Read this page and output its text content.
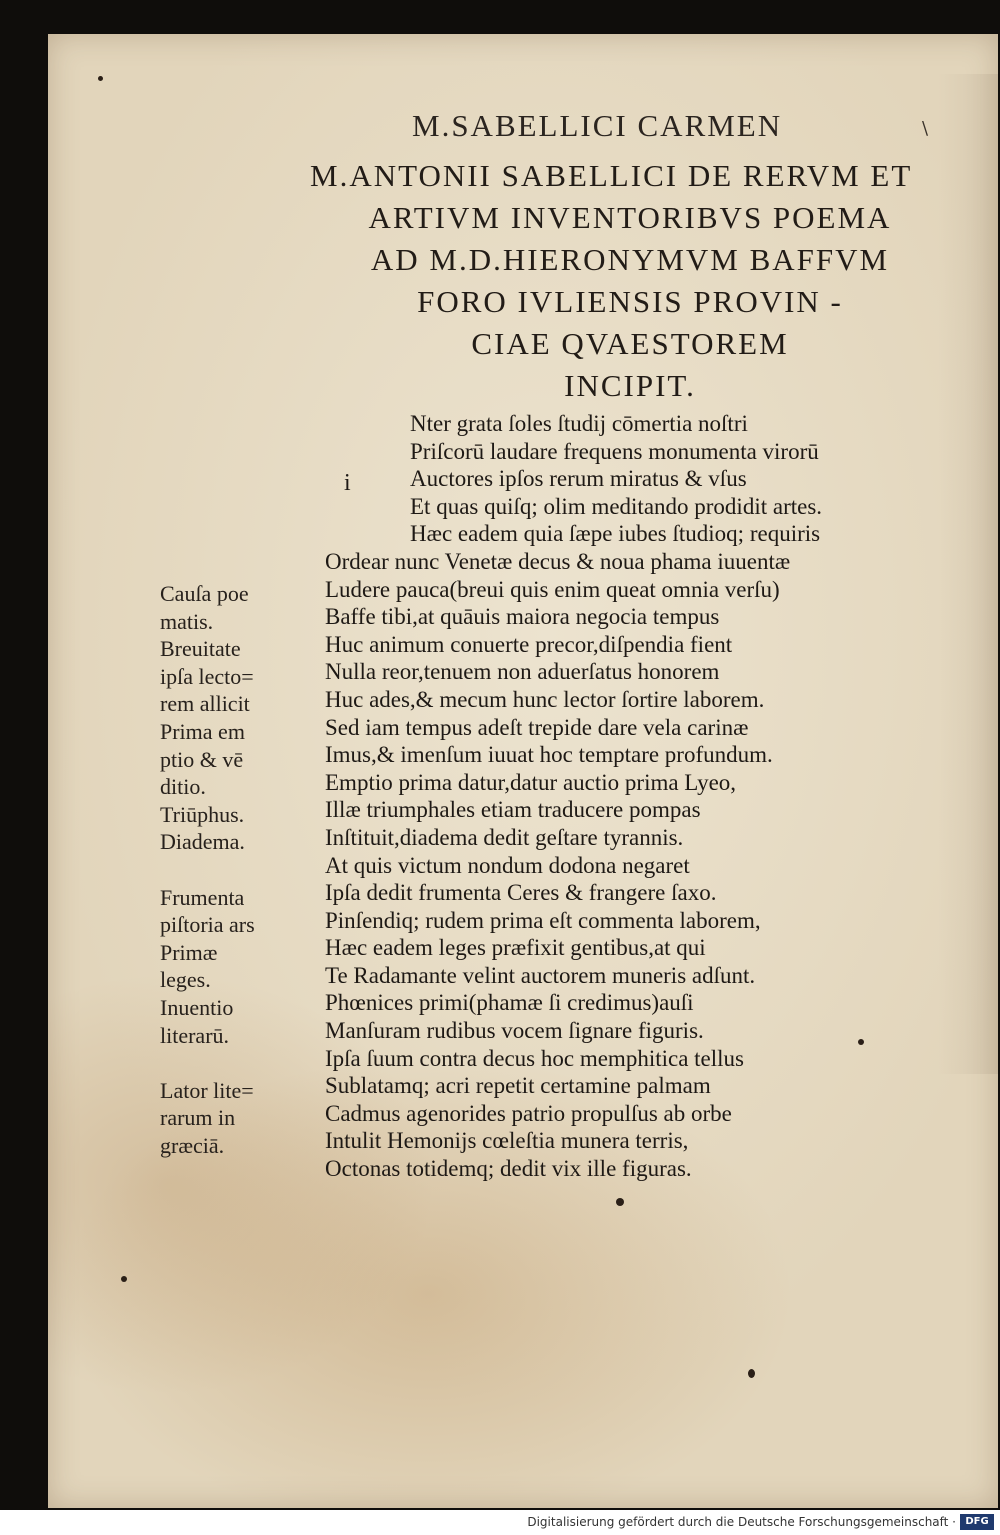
M.SABELLICI CARMEN	\
M.ANTONII SABELLICI DE RERVM ET
ARTIVM INVENTORIBVS POEMA
AD M.D.HIERONYMVM BAFFVM
FORO IVLIENSIS PROVIN -
CIAE QVAESTOREM
INCIPIT.
i
Nter grata ſoles ſtudij cōmertia noſtri
Priſcorū laudare frequens monumenta virorū
Auctores ipſos rerum miratus & vſus
Et quas quiſq; olim meditando prodidit artes.
Hæc eadem quia ſæpe iubes ſtudioq; requiris
Ordear nunc Venetæ decus & noua phama iuuentæ
Ludere pauca(breui quis enim queat omnia verſu)
Baffe tibi,at quāuis maiora negocia tempus
Huc animum conuerte precor,diſpendia fient
Nulla reor,tenuem non aduerſatus honorem
Huc ades,& mecum hunc lector ſortire laborem.
Sed iam tempus adeſt trepide dare vela carinæ
Imus,& imenſum iuuat hoc temptare profundum.
Emptio prima datur,datur auctio prima Lyeo,
Illæ triumphales etiam traducere pompas
Inſtituit,diadema dedit geſtare tyrannis.
At quis victum nondum dodona negaret
Ipſa dedit frumenta Ceres & frangere ſaxo.
Pinſendiq; rudem prima eſt commenta laborem,
Hæc eadem leges præfixit gentibus,at qui
Te Radamante velint auctorem muneris adſunt.
Phœnices primi(phamæ ſi credimus)auſi
Manſuram rudibus vocem ſignare figuris.
Ipſa ſuum contra decus hoc memphitica tellus
Sublatamq; acri repetit certamine palmam
Cadmus agenorides patrio propulſus ab orbe
Intulit Hemonijs cœleſtia munera terris,
Octonas totidemq; dedit vix ille figuras.
Cauſa poe
matis.
Breuitate
ipſa lecto=
rem allicit
Prima em
ptio & vē
ditio.
Triūphus.
Diadema.
Frumenta
piſtoria ars
Primæ
leges.
Inuentio
literarū.
Lator lite=
rarum in
græciā.
Digitalisierung gefördert durch die Deutsche Forschungsgemeinschaft · DFG
